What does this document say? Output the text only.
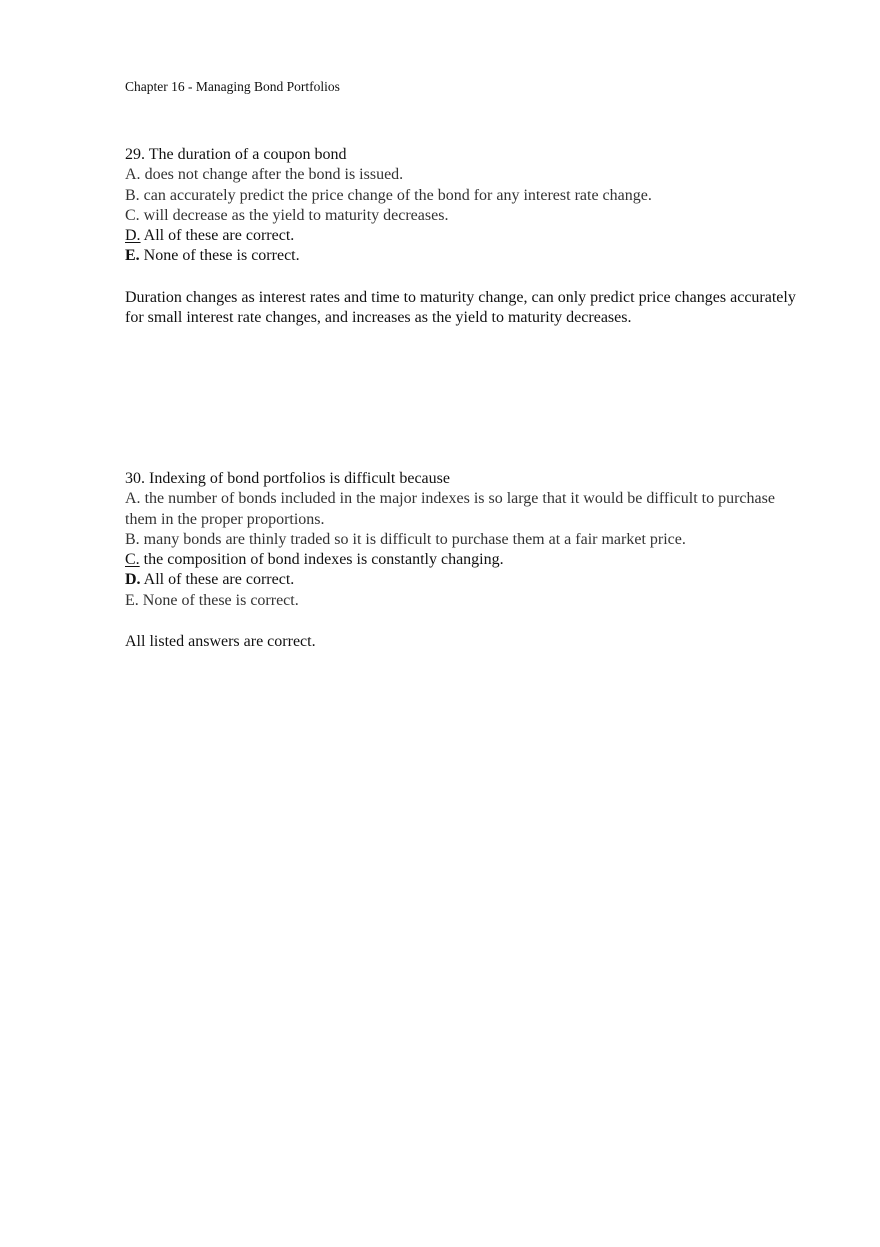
Chapter 16 - Managing Bond Portfolios
29. The duration of a coupon bond
A. does not change after the bond is issued.
B. can accurately predict the price change of the bond for any interest rate change.
C. will decrease as the yield to maturity decreases.
D. All of these are correct.
E. None of these is correct.
Duration changes as interest rates and time to maturity change, can only predict price changes accurately for small interest rate changes, and increases as the yield to maturity decreases.
30. Indexing of bond portfolios is difficult because
A. the number of bonds included in the major indexes is so large that it would be difficult to purchase them in the proper proportions.
B. many bonds are thinly traded so it is difficult to purchase them at a fair market price.
C. the composition of bond indexes is constantly changing.
D. All of these are correct.
E. None of these is correct.
All listed answers are correct.
